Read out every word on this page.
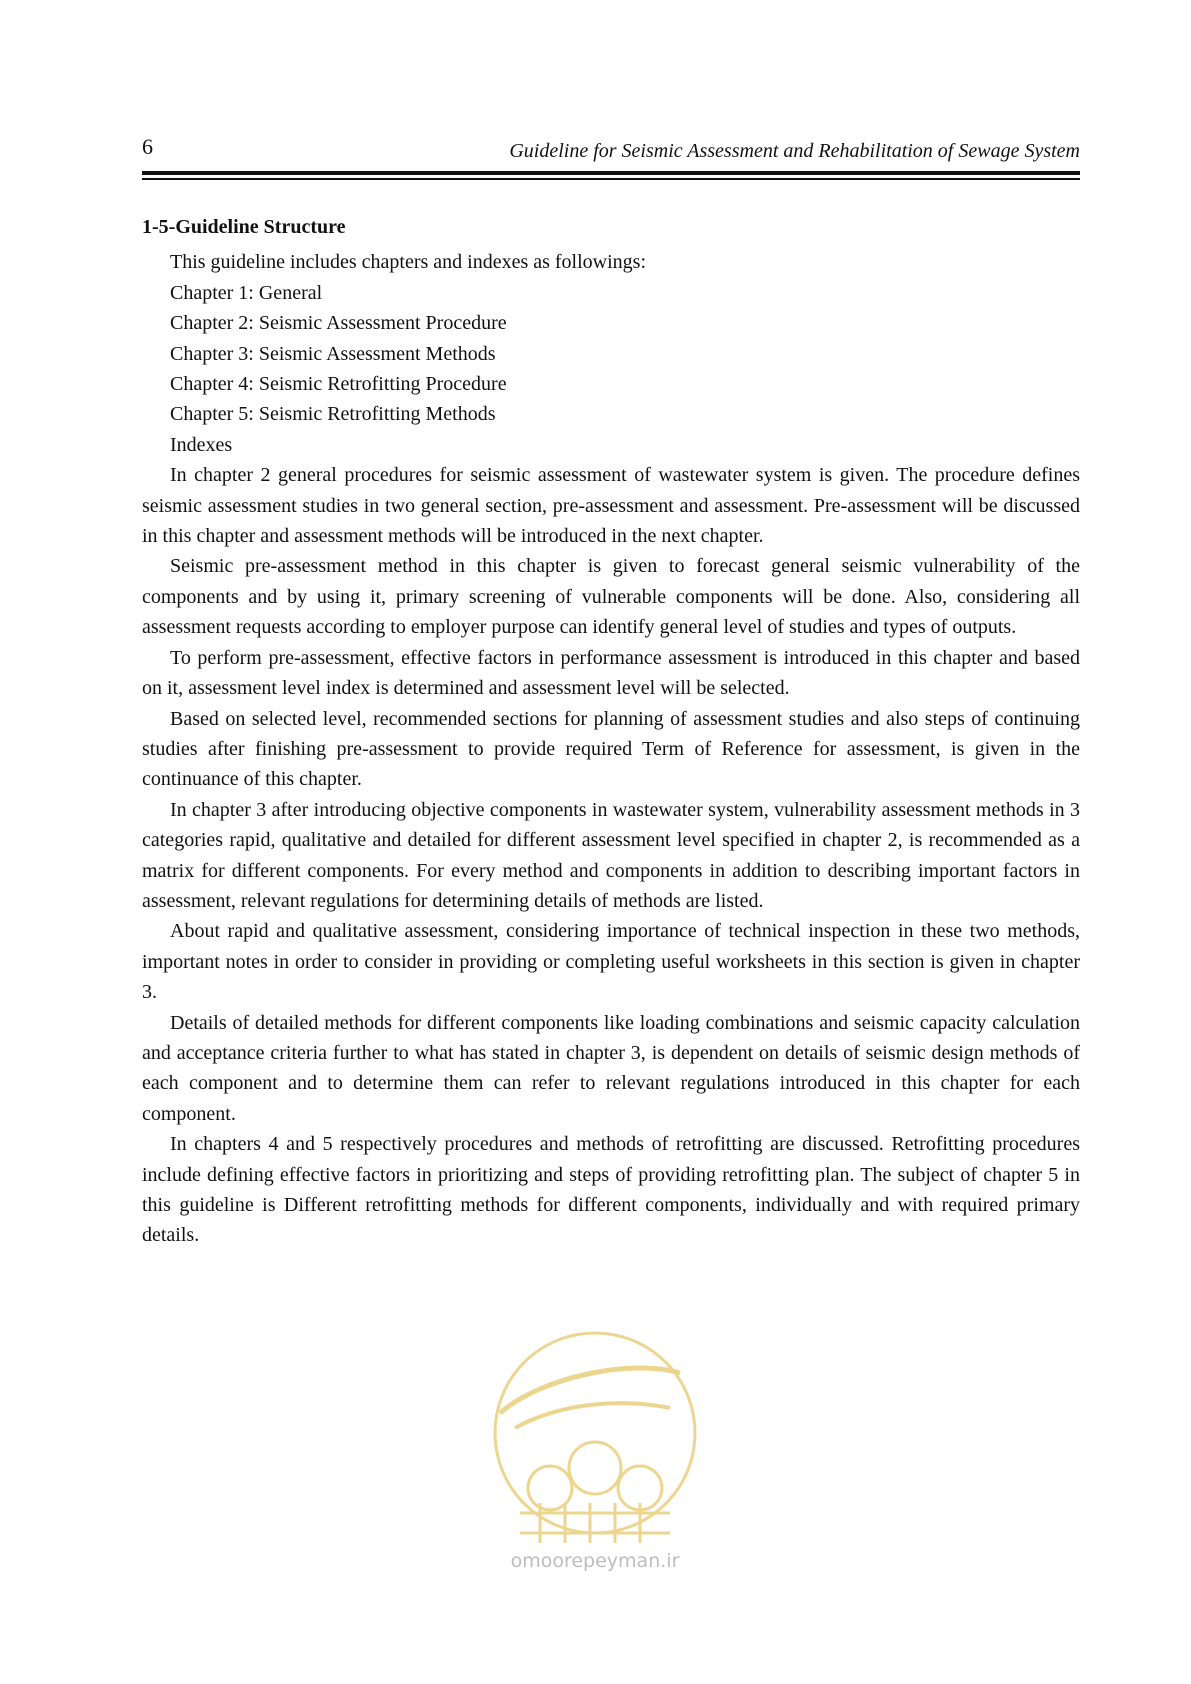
6	Guideline for Seismic Assessment and Rehabilitation of Sewage System

1-5-Guideline Structure

This guideline includes chapters and indexes as followings:

Chapter 1: General

Chapter 2: Seismic Assessment Procedure

Chapter 3: Seismic Assessment Methods

Chapter 4: Seismic Retrofitting Procedure

Chapter 5: Seismic Retrofitting Methods

Indexes

In chapter 2 general procedures for seismic assessment of wastewater system is given. The procedure defines seismic assessment studies in two general section, pre-assessment and assessment. Pre-assessment will be discussed in this chapter and assessment methods will be introduced in the next chapter.

Seismic pre-assessment method in this chapter is given to forecast general seismic vulnerability of the components and by using it, primary screening of vulnerable components will be done. Also, considering all assessment requests according to employer purpose can identify general level of studies and types of outputs.

To perform pre-assessment, effective factors in performance assessment is introduced in this chapter and based on it, assessment level index is determined and assessment level will be selected.

Based on selected level, recommended sections for planning of assessment studies and also steps of continuing studies after finishing pre-assessment to provide required Term of Reference for assessment, is given in the continuance of this chapter.

In chapter 3 after introducing objective components in wastewater system, vulnerability assessment methods in 3 categories rapid, qualitative and detailed for different assessment level specified in chapter 2, is recommended as a matrix for different components. For every method and components in addition to describing important factors in assessment, relevant regulations for determining details of methods are listed.

About rapid and qualitative assessment, considering importance of technical inspection in these two methods, important notes in order to consider in providing or completing useful worksheets in this section is given in chapter 3.

Details of detailed methods for different components like loading combinations and seismic capacity calculation and acceptance criteria further to what has stated in chapter 3, is dependent on details of seismic design methods of each component and to determine them can refer to relevant regulations introduced in this chapter for each component.

In chapters 4 and 5 respectively procedures and methods of retrofitting are discussed. Retrofitting procedures include defining effective factors in prioritizing and steps of providing retrofitting plan. The subject of chapter 5 in this guideline is Different retrofitting methods for different components, individually and with required primary details.

omoorepeyman.ir
